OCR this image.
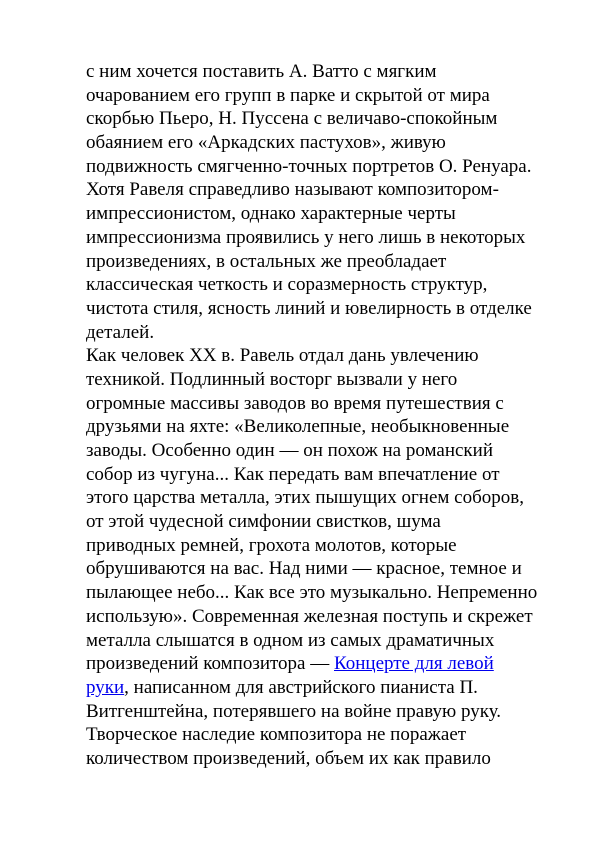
с ним хочется поставить А. Ватто с мягким
очарованием его групп в парке и скрытой от мира
скорбью Пьеро, Н. Пуссена с величаво-спокойным
обаянием его «Аркадских пастухов», живую
подвижность смягченно-точных портретов О. Ренуара.
Хотя Равеля справедливо называют композитором-
импрессионистом, однако характерные черты
импрессионизма проявились у него лишь в некоторых
произведениях, в остальных же преобладает
классическая четкость и соразмерность структур,
чистота стиля, ясность линий и ювелирность в отделке
деталей.
Как человек XX в. Равель отдал дань увлечению
техникой. Подлинный восторг вызвали у него
огромные массивы заводов во время путешествия с
друзьями на яхте: «Великолепные, необыкновенные
заводы. Особенно один — он похож на романский
собор из чугуна... Как передать вам впечатление от
этого царства металла, этих пышущих огнем соборов,
от этой чудесной симфонии свистков, шума
приводных ремней, грохота молотов, которые
обрушиваются на вас. Над ними — красное, темное и
пылающее небо... Как все это музыкально. Непременно
использую». Современная железная поступь и скрежет
металла слышатся в одном из самых драматичных
произведений композитора — Концерте для левой
руки, написанном для австрийского пианиста П.
Витгенштейна, потерявшего на войне правую руку.
Творческое наследие композитора не поражает
количеством произведений, объем их как правило
